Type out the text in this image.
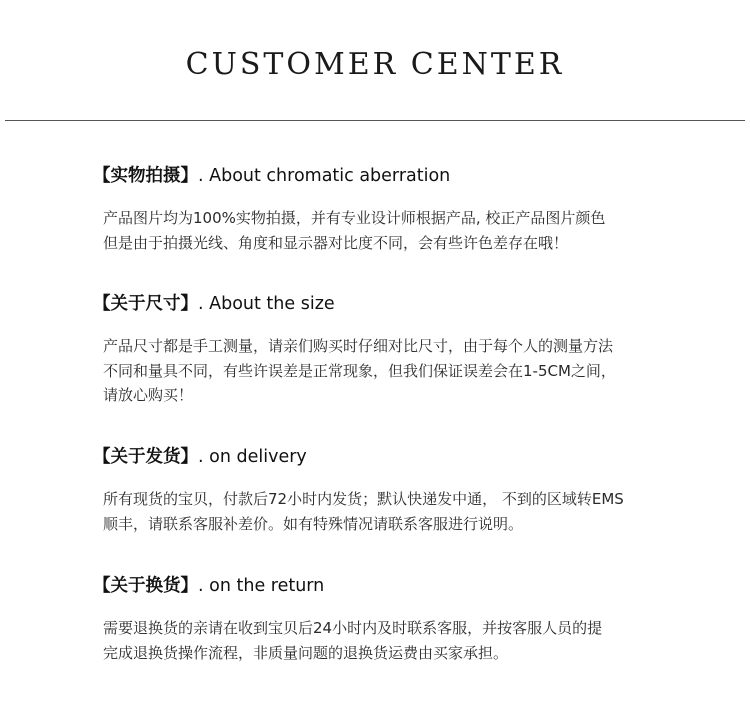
CUSTOMER CENTER
【实物拍摄】. About chromatic aberration

产品图片均为100%实物拍摄，并有专业设计师根据产品, 校正产品图片颜色

但是由于拍摄光线、角度和显示器对比度不同，会有些许色差存在哦！

【关于尺寸】. About the size

产品尺寸都是手工测量，请亲们购买时仔细对比尺寸，由于每个人的测量方法

不同和量具不同，有些许误差是正常现象，但我们保证误差会在1-5CM之间，

请放心购买！

【关于发货】. on delivery

所有现货的宝贝，付款后72小时内发货；默认快递发中通， 不到的区域转EMS

顺丰，请联系客服补差价。如有特殊情况请联系客服进行说明。

【关于换货】. on the return

需要退换货的亲请在收到宝贝后24小时内及时联系客服，并按客服人员的提

完成退换货操作流程，非质量问题的退换货运费由买家承担。
